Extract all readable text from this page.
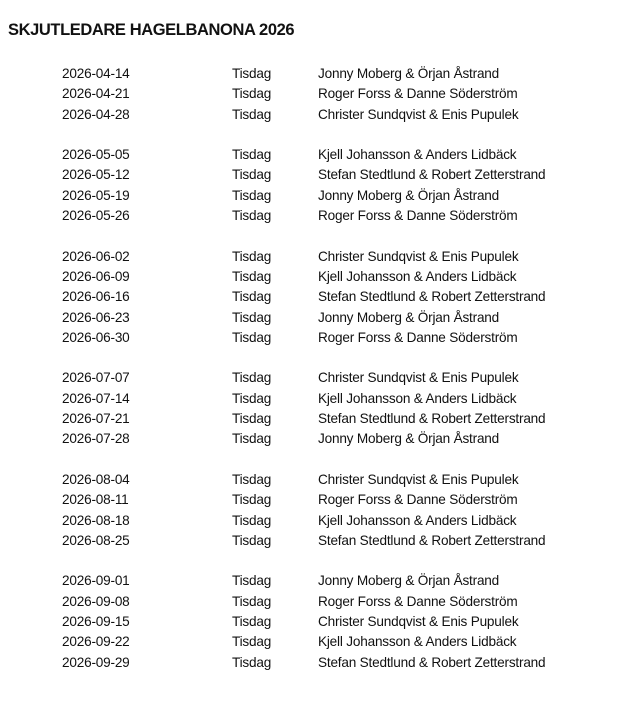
SKJUTLEDARE HAGELBANONA 2026
2026-04-14	Tisdag	Jonny Moberg & Örjan Åstrand
2026-04-21	Tisdag	Roger Forss & Danne Söderström
2026-04-28	Tisdag	Christer Sundqvist & Enis Pupulek
2026-05-05	Tisdag	Kjell Johansson & Anders Lidbäck
2026-05-12	Tisdag	Stefan Stedtlund & Robert Zetterstrand
2026-05-19	Tisdag	Jonny Moberg & Örjan Åstrand
2026-05-26	Tisdag	Roger Forss & Danne Söderström
2026-06-02	Tisdag	Christer Sundqvist & Enis Pupulek
2026-06-09	Tisdag	Kjell Johansson & Anders Lidbäck
2026-06-16	Tisdag	Stefan Stedtlund & Robert Zetterstrand
2026-06-23	Tisdag	Jonny Moberg & Örjan Åstrand
2026-06-30	Tisdag	Roger Forss & Danne Söderström
2026-07-07	Tisdag	Christer Sundqvist & Enis Pupulek
2026-07-14	Tisdag	Kjell Johansson & Anders Lidbäck
2026-07-21	Tisdag	Stefan Stedtlund & Robert Zetterstrand
2026-07-28	Tisdag	Jonny Moberg & Örjan Åstrand
2026-08-04	Tisdag	Christer Sundqvist & Enis Pupulek
2026-08-11	Tisdag	Roger Forss & Danne Söderström
2026-08-18	Tisdag	Kjell Johansson & Anders Lidbäck
2026-08-25	Tisdag	Stefan Stedtlund & Robert Zetterstrand
2026-09-01	Tisdag	Jonny Moberg & Örjan Åstrand
2026-09-08	Tisdag	Roger Forss & Danne Söderström
2026-09-15	Tisdag	Christer Sundqvist & Enis Pupulek
2026-09-22	Tisdag	Kjell Johansson & Anders Lidbäck
2026-09-29	Tisdag	Stefan Stedtlund & Robert Zetterstrand
